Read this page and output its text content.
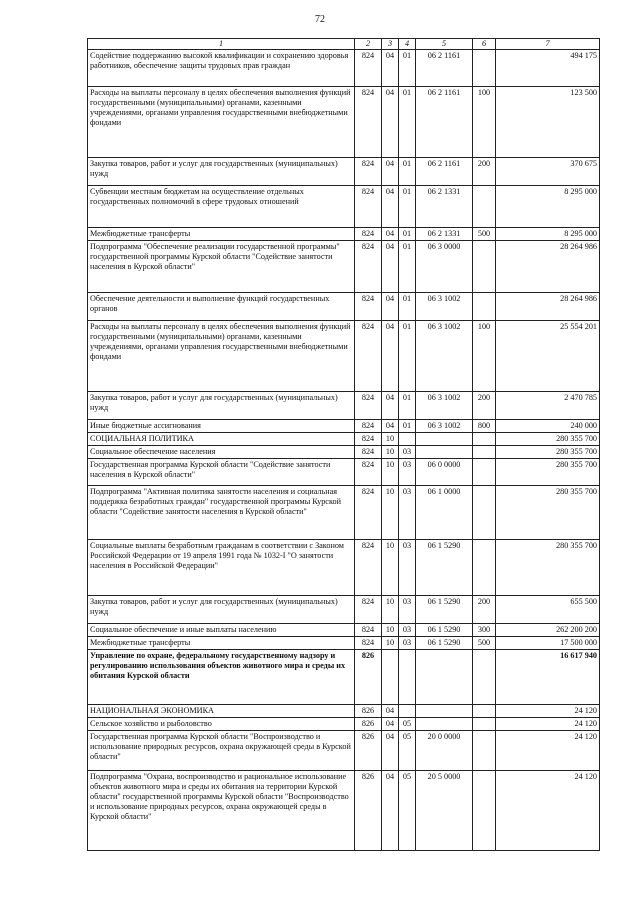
72
1	2	3	4	5	6	7
Содействие поддержанию высокой квалификации и сохранению здоровья работников, обеспечение защиты трудовых прав граждан	824	04	01	06 2 1161		494 175
Расходы на выплаты персоналу в целях обеспечения выполнения функций государственными (муниципальными) органами, казенными учреждениями, органами управления государственными внебюджетными фондами	824	04	01	06 2 1161	100	123 500
Закупка товаров, работ и услуг для государственных (муниципальных) нужд	824	04	01	06 2 1161	200	370 675
Субвенции местным бюджетам на осуществление отдельных государственных полномочий в сфере трудовых отношений	824	04	01	06 2 1331		8 295 000
Межбюджетные трансферты	824	04	01	06 2 1331	500	8 295 000
Подпрограмма "Обеспечение реализации государственной программы" государственной программы Курской области "Содействие занятости населения в Курской области"	824	04	01	06 3 0000		28 264 986
Обеспечение деятельности и выполнение функций государственных органов	824	04	01	06 3 1002		28 264 986
Расходы на выплаты персоналу в целях обеспечения выполнения функций государственными (муниципальными) органами, казенными учреждениями, органами управления государственными внебюджетными фондами	824	04	01	06 3 1002	100	25 554 201
Закупка товаров, работ и услуг для государственных (муниципальных) нужд	824	04	01	06 3 1002	200	2 470 785
Иные бюджетные ассигнования	824	04	01	06 3 1002	800	240 000
СОЦИАЛЬНАЯ ПОЛИТИКА	824	10				280 355 700
Социальное обеспечение населения	824	10	03			280 355 700
Государственная программа Курской области "Содействие занятости населения в Курской области"	824	10	03	06 0 0000		280 355 700
Подпрограмма "Активная политика занятости населения и социальная поддержка безработных граждан" государственной программы Курской области "Содействие занятости населения в Курской области"	824	10	03	06 1 0000		280 355 700
Социальные выплаты безработным гражданам в соответствии с Законом Российской Федерации от 19 апреля 1991 года № 1032-I "О занятости населения в Российской Федерации"	824	10	03	06 1 5290		280 355 700
Закупка товаров, работ и услуг для государственных (муниципальных) нужд	824	10	03	06 1 5290	200	655 500
Социальное обеспечение и иные выплаты населению	824	10	03	06 1 5290	300	262 200 200
Межбюджетные трансферты	824	10	03	06 1 5290	500	17 500 000
Управление по охране, федеральному государственному надзору и регулированию использования объектов животного мира и среды их обитания Курской области	826					16 617 940
НАЦИОНАЛЬНАЯ ЭКОНОМИКА	826	04				24 120
Сельское хозяйство и рыболовство	826	04	05			24 120
Государственная программа Курской области "Воспроизводство и использование природных ресурсов, охрана окружающей среды в Курской области"	826	04	05	20 0 0000		24 120
Подпрограмма "Охрана, воспроизводство и рациональное использование объектов животного мира и среды их обитания на территории Курской области" государственной программы Курской области "Воспроизводство и использование природных ресурсов, охрана окружающей среды в Курской области"	826	04	05	20 5 0000		24 120
